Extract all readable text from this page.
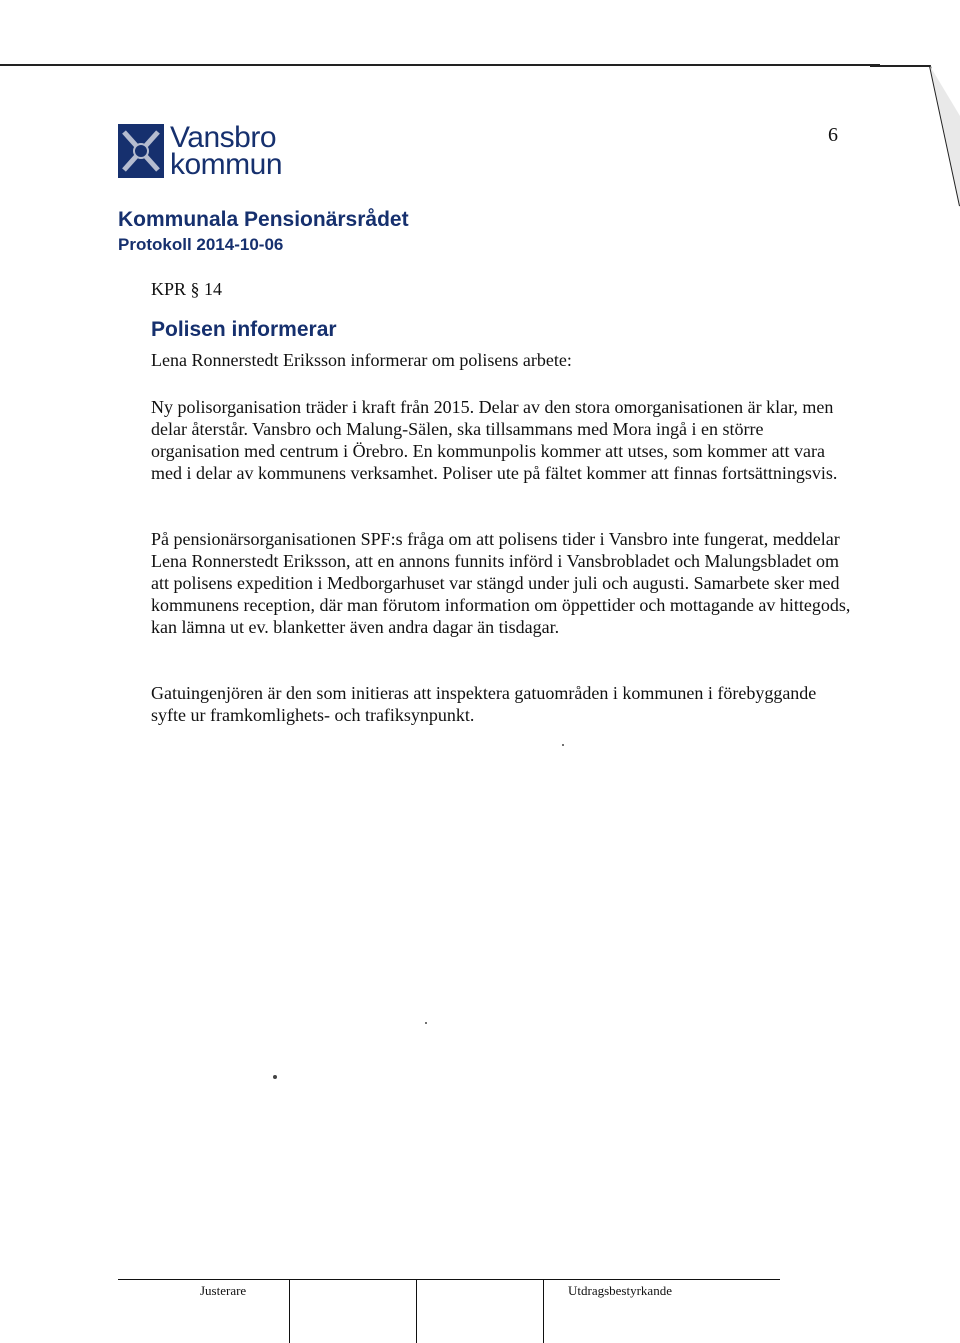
Vansbro
kommun
6
Kommunala Pensionärsrådet
Protokoll 2014-10-06
KPR § 14
Polisen informerar
Lena Ronnerstedt Eriksson informerar om polisens arbete:

Ny polisorganisation träder i kraft från 2015. Delar av den stora omorganisationen är klar, men delar återstår. Vansbro och Malung-Sälen, ska tillsammans med Mora ingå i en större organisation med centrum i Örebro. En kommunpolis kommer att utses, som kommer att vara med i delar av kommunens verksamhet. Poliser ute på fältet kommer att finnas fortsättningsvis.

På pensionärsorganisationen SPF:s fråga om att polisens tider i Vansbro inte fungerat, meddelar Lena Ronnerstedt Eriksson, att en annons funnits införd i Vansbrobladet och Malungsbladet om att polisens expedition i Medborgarhuset var stängd under juli och augusti. Samarbete sker med kommunens reception, där man förutom information om öppettider och mottagande av hittegods, kan lämna ut ev. blanketter även andra dagar än tisdagar.

Gatuingenjören är den som initieras att inspektera gatuområden i kommunen i förebyggande syfte ur framkomlighets- och trafiksynpunkt.

Justerare	Utdragsbestyrkande
